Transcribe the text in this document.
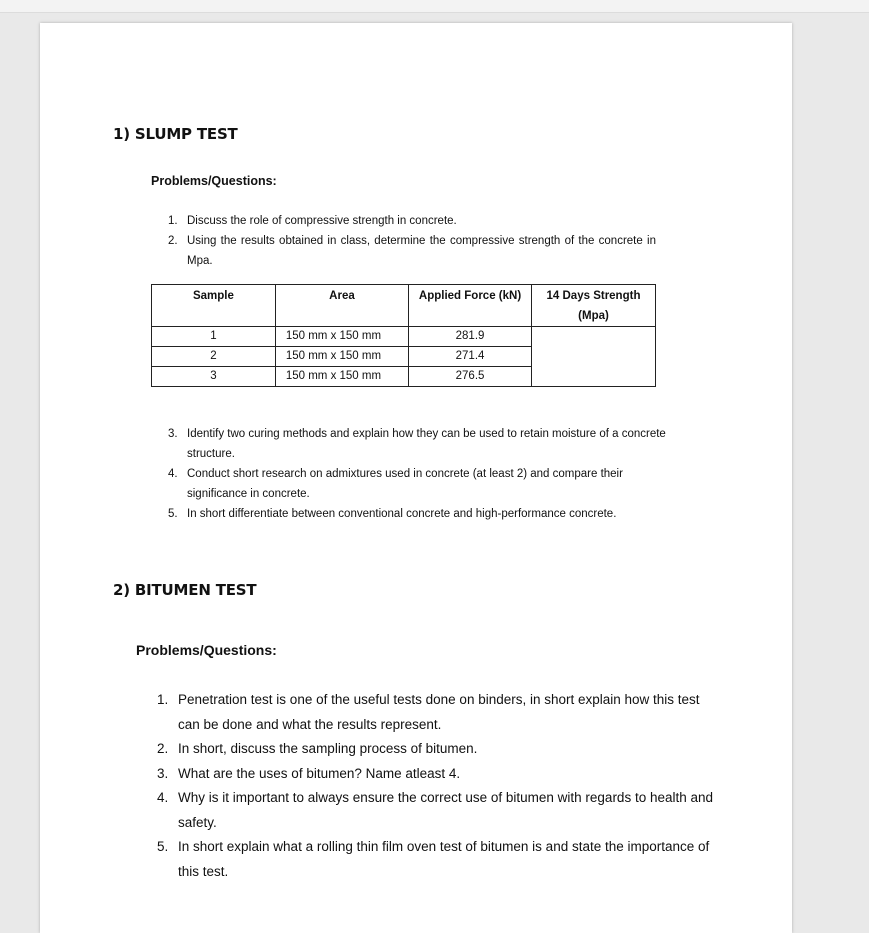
1) SLUMP TEST
Problems/Questions:
1. Discuss the role of compressive strength in concrete.
2. Using the results obtained in class, determine the compressive strength of the concrete in Mpa.
Sample	Area	Applied Force (kN)	14 Days Strength (Mpa)
1	150 mm x 150 mm	281.9	
2	150 mm x 150 mm	271.4	
3	150 mm x 150 mm	276.5	
3. Identify two curing methods and explain how they can be used to retain moisture of a concrete structure.
4. Conduct short research on admixtures used in concrete (at least 2) and compare their significance in concrete.
5. In short differentiate between conventional concrete and high-performance concrete.
2) BITUMEN TEST
Problems/Questions:
1. Penetration test is one of the useful tests done on binders, in short explain how this test can be done and what the results represent.
2. In short, discuss the sampling process of bitumen.
3. What are the uses of bitumen? Name atleast 4.
4. Why is it important to always ensure the correct use of bitumen with regards to health and safety.
5. In short explain what a rolling thin film oven test of bitumen is and state the importance of this test.
